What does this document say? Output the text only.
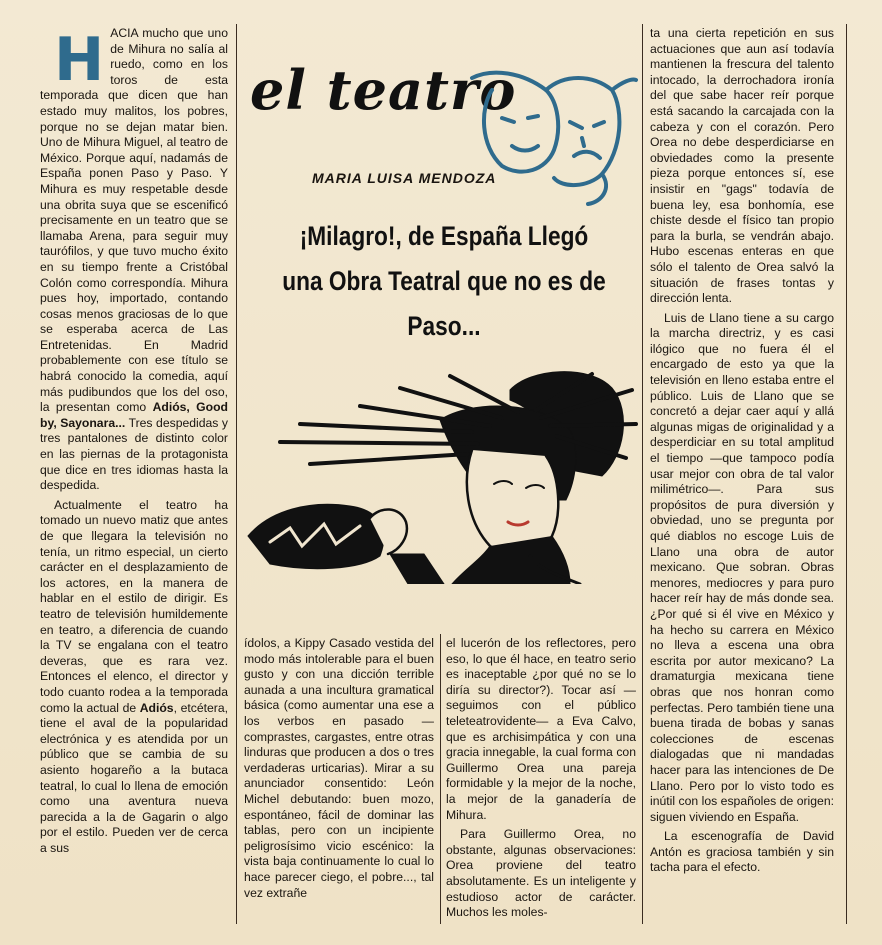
H ACIA mucho que uno de Mihura no salía al ruedo, como en los toros de esta temporada que dicen que han estado muy malitos, los pobres, porque no se dejan matar bien. Uno de Mihura Miguel, al teatro de México. Porque aquí, nadamás de España ponen Paso y Paso. Y Mihura es muy respetable desde una obrita suya que se escenificó precisamente en un teatro que se llamaba Arena, para seguir muy taurófilos, y que tuvo mucho éxito en su tiempo frente a Cristóbal Colón como correspondía. Mihura pues hoy, importado, contando cosas menos graciosas de lo que se esperaba acerca de Las Entretenidas. En Madrid probablemente con ese título se habrá conocido la comedia, aquí más pudibundos que los del oso, la presentan como Adiós, Good by, Sayonara... Tres despedidas y tres pantalones de distinto color en las piernas de la protagonista que dice en tres idiomas hasta la despedida.

Actualmente el teatro ha tomado un nuevo matiz que antes de que llegara la televisión no tenía, un ritmo especial, un cierto carácter en el desplazamiento de los actores, en la manera de hablar en el estilo de dirigir. Es teatro de televisión humildemente en teatro, a diferencia de cuando la TV se engalana con el teatro deveras, que es rara vez. Entonces el elenco, el director y todo cuanto rodea a la temporada como la actual de Adiós, etcétera, tiene el aval de la popularidad electrónica y es atendida por un público que se cambia de su asiento hogareño a la butaca teatral, lo cual lo llena de emoción como una aventura nueva parecida a la de Gagarin o algo por el estilo. Pueden ver de cerca a sus

el teatro
MARIA LUISA MENDOZA
¡Milagro!, de España Llegó una Obra Teatral que no es de Paso...

ídolos, a Kippy Casado vestida del modo más intolerable para el buen gusto y con una dicción terrible aunada a una incultura gramatical básica (como aumentar una ese a los verbos en pasado —comprastes, cargastes, entre otras linduras que producen a dos o tres verdaderas urticarias). Mirar a su anunciador consentido: León Michel debutando: buen mozo, espontáneo, fácil de dominar las tablas, pero con un incipiente peligrosísimo vicio escénico: la vista baja continuamente lo cual lo hace parecer ciego, el pobre..., tal vez extrañe

el lucerón de los reflectores, pero eso, lo que él hace, en teatro serio es inaceptable ¿por qué no se lo diría su director?). Tocar así —seguimos con el público teleteatrovidente— a Eva Calvo, que es archisimpática y con una gracia innegable, la cual forma con Guillermo Orea una pareja formidable y la mejor de la noche, la mejor de la ganadería de Mihura.

Para Guillermo Orea, no obstante, algunas observaciones: Orea proviene del teatro absolutamente. Es un inteligente y estudioso actor de carácter. Muchos les moles-

ta una cierta repetición en sus actuaciones que aun así todavía mantienen la frescura del talento intocado, la derrochadora ironía del que sabe hacer reír porque está sacando la carcajada con la cabeza y con el corazón. Pero Orea no debe desperdiciarse en obviedades como la presente pieza porque entonces sí, ese insistir en "gags" todavía de buena ley, esa bonhomía, ese chiste desde el físico tan propio para la burla, se vendrán abajo. Hubo escenas enteras en que sólo el talento de Orea salvó la situación de frases tontas y dirección lenta.

Luis de Llano tiene a su cargo la marcha directriz, y es casi ilógico que no fuera él el encargado de esto ya que la televisión en lleno estaba entre el público. Luis de Llano que se concretó a dejar caer aquí y allá algunas migas de originalidad y a desperdiciar en su total amplitud el tiempo —que tampoco podía usar mejor con obra de tal valor milimétrico—. Para sus propósitos de pura diversión y obviedad, uno se pregunta por qué diablos no escoge Luis de Llano una obra de autor mexicano. Que sobran. Obras menores, mediocres y para puro hacer reír hay de más donde sea. ¿Por qué si él vive en México y ha hecho su carrera en México no lleva a escena una obra escrita por autor mexicano? La dramaturgia mexicana tiene obras que nos honran como perfectas. Pero también tiene una buena tirada de bobas y sanas colecciones de escenas dialogadas que ni mandadas hacer para las intenciones de De Llano. Pero por lo visto todo es inútil con los españoles de origen: siguen viviendo en España.

La escenografía de David Antón es graciosa también y sin tacha para el efecto.
